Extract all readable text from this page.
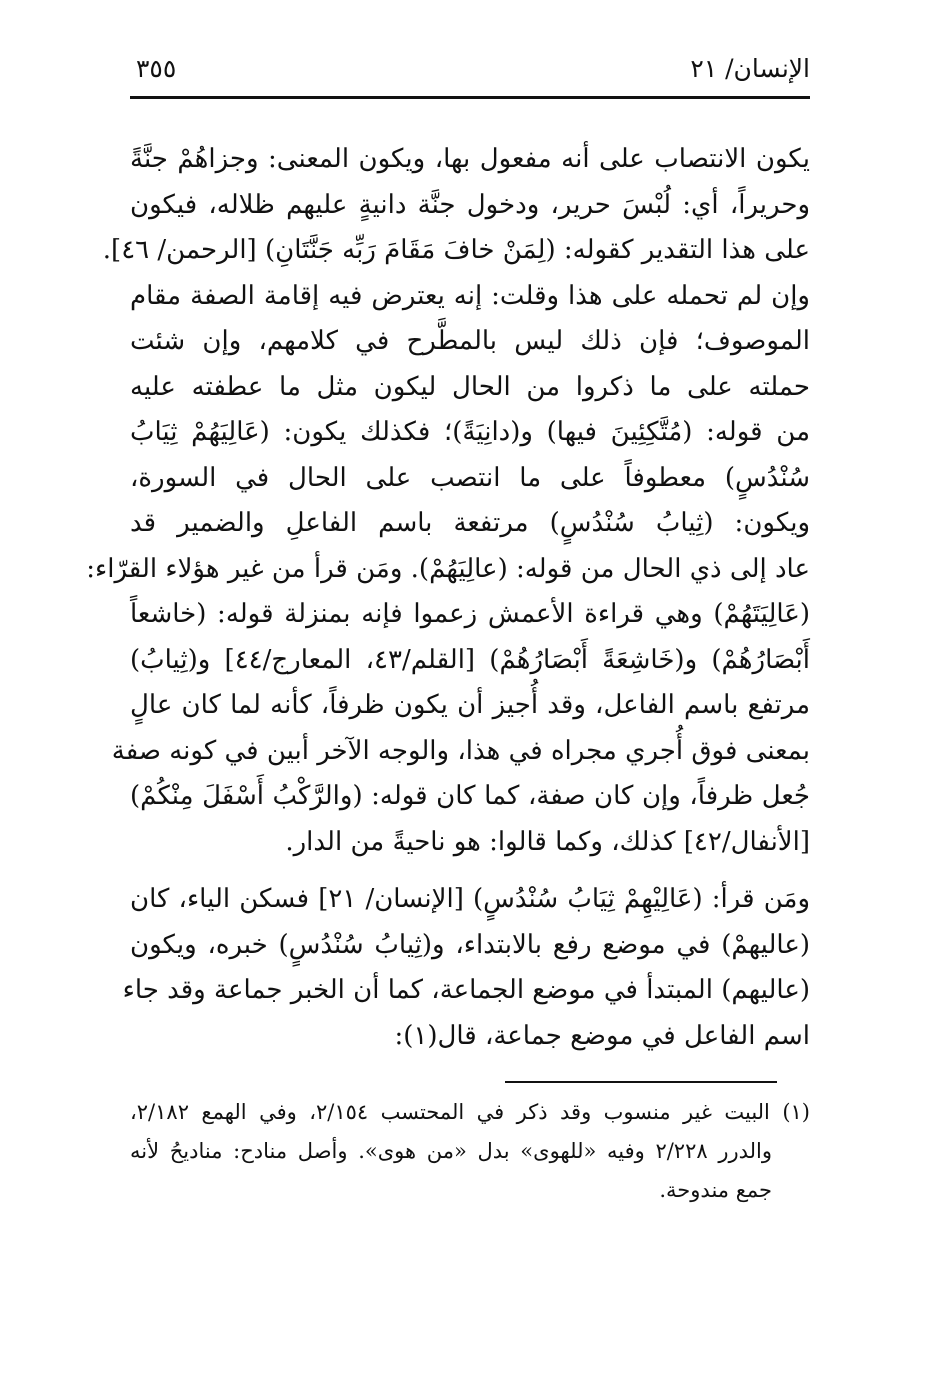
الإنسان/ ٢١
٣٥٥

يكون الانتصاب على أنه مفعول بها، ويكون المعنى: وجزاهُمْ جنَّةً
وحريراً، أي: لُبْسَ حرير، ودخول جنَّة دانيةٍ عليهم ظلاله، فيكون
على هذا التقدير كقوله: (لِمَنْ خافَ مَقَامَ رَبِّه جَنَّتَانِ) [الرحمن/ ٤٦].
وإن لم تحمله على هذا وقلت: إنه يعترض فيه إقامة الصفة مقام
الموصوف؛ فإن ذلك ليس بالمطَّرح في كلامهم، وإن شئت
حملته على ما ذكروا من الحال ليكون مثل ما عطفته عليه
من قوله: (مُتَّكِئِينَ فيها) و(دانِيَةً)؛ فكذلك يكون: (عَالِيَهُمْ ثِيَابُ
سُنْدُسٍ) معطوفاً على ما انتصب على الحال في السورة،
ويكون: (ثِيابُ سُنْدُسٍ) مرتفعة باسم الفاعلِ والضمير قد
عاد إلى ذي الحال من قوله: (عالِيَهُمْ). ومَن قرأ من غير هؤلاء القرّاء:
(عَالِيَتَهُمْ) وهي قراءة الأعمش زعموا فإنه بمنزلة قوله: (خاشعاً
أَبْصَارُهُمْ) و(خَاشِعَةً أَبْصَارُهُمْ) [القلم/٤٣، المعارج/٤٤] و(ثِيابُ)
مرتفع باسم الفاعل، وقد أُجيز أن يكون ظرفاً، كأنه لما كان عالٍ
بمعنى فوق أُجري مجراه في هذا، والوجه الآخر أبين في كونه صفة
جُعل ظرفاً، وإن كان صفة، كما كان قوله: (والرَّكْبُ أَسْفَلَ مِنْكُمْ)
[الأنفال/٤٢] كذلك، وكما قالوا: هو ناحيةً من الدار.

ومَن قرأ: (عَالِيْهِمْ ثِيَابُ سُنْدُسٍ) [الإنسان/ ٢١] فسكن الياء، كان
(عاليهمْ) في موضع رفع بالابتداء، و(ثِيابُ سُنْدُسٍ) خبره، ويكون
(عاليهم) المبتدأ في موضع الجماعة، كما أن الخبر جماعة وقد جاء
اسم الفاعل في موضع جماعة، قال(١):

(١) البيت غير منسوب وقد ذكر في المحتسب ٢/١٥٤، وفي الهمع ٢/١٨٢،
والدرر ٢/٢٢٨ وفيه «للهوى» بدل «من هوى». وأصل منادح: مناديحُ لأنه
جمع مندوحة.
